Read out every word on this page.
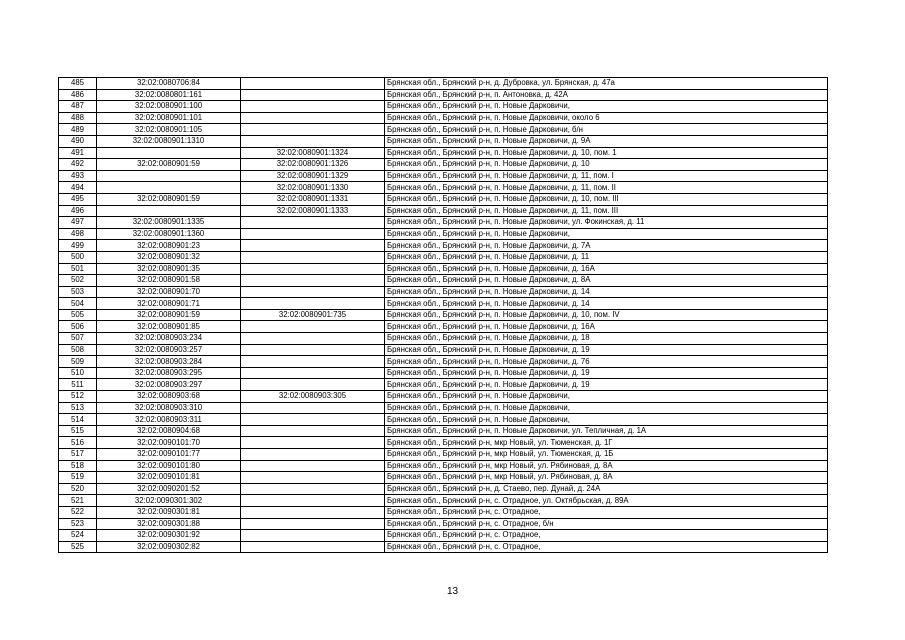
485	32:02:0080706:84		Брянская обл., Брянский р-н, д. Дубровка, ул. Брянская, д. 47а
486	32:02:0080801:161		Брянская обл., Брянский р-н, п. Антоновка, д. 42А
487	32:02:0080901:100		Брянская обл., Брянский р-н, п. Новые Дарковичи,
488	32:02:0080901:101		Брянская обл., Брянский р-н, п. Новые Дарковичи, около 6
489	32:02:0080901:105		Брянская обл., Брянский р-н, п. Новые Дарковичи, б/н
490	32:02:0080901:1310		Брянская обл., Брянский р-н, п. Новые Дарковичи, д. 9А
491		32:02:0080901:1324	Брянская обл., Брянский р-н, п. Новые Дарковичи, д. 10, пом. 1
492	32:02:0080901:59	32:02:0080901:1326	Брянская обл., Брянский р-н, п. Новые Дарковичи, д. 10
493		32:02:0080901:1329	Брянская обл., Брянский р-н, п. Новые Дарковичи, д. 11, пом. I
494		32:02:0080901:1330	Брянская обл., Брянский р-н, п. Новые Дарковичи, д. 11, пом. II
495	32:02:0080901:59	32:02:0080901:1331	Брянская обл., Брянский р-н, п. Новые Дарковичи, д. 10, пом. III
496		32:02:0080901:1333	Брянская обл., Брянский р-н, п. Новые Дарковичи, д. 11, пом. III
497	32:02:0080901:1335		Брянская обл., Брянский р-н, п. Новые Дарковичи, ул. Фокинская, д. 11
498	32:02:0080901:1360		Брянская обл., Брянский р-н, п. Новые Дарковичи,
499	32:02:0080901:23		Брянская обл., Брянский р-н, п. Новые Дарковичи, д. 7А
500	32:02:0080901:32		Брянская обл., Брянский р-н, п. Новые Дарковичи, д. 11
501	32:02:0080901:35		Брянская обл., Брянский р-н, п. Новые Дарковичи, д. 16А
502	32:02:0080901:58		Брянская обл., Брянский р-н, п. Новые Дарковичи, д. 8А
503	32:02:0080901:70		Брянская обл., Брянский р-н, п. Новые Дарковичи, д. 14
504	32:02:0080901:71		Брянская обл., Брянский р-н, п. Новые Дарковичи, д. 14
505	32:02:0080901:59	32:02:0080901:735	Брянская обл., Брянский р-н, п. Новые Дарковичи, д. 10, пом. IV
506	32:02:0080901:85		Брянская обл., Брянский р-н, п. Новые Дарковичи, д. 16А
507	32:02:0080903:234		Брянская обл., Брянский р-н, п. Новые Дарковичи, д. 18
508	32:02:0080903:257		Брянская обл., Брянский р-н, п. Новые Дарковичи, д. 19
509	32:02:0080903:284		Брянская обл., Брянский р-н, п. Новые Дарковичи, д. 76
510	32:02:0080903:295		Брянская обл., Брянский р-н, п. Новые Дарковичи, д. 19
511	32:02:0080903:297		Брянская обл., Брянский р-н, п. Новые Дарковичи, д. 19
512	32:02:0080903:68	32:02:0080903:305	Брянская обл., Брянский р-н, п. Новые Дарковичи,
513	32:02:0080903:310		Брянская обл., Брянский р-н, п. Новые Дарковичи,
514	32:02:0080903:311		Брянская обл., Брянский р-н, п. Новые Дарковичи,
515	32:02:0080904:68		Брянская обл., Брянский р-н, п. Новые Дарковичи, ул. Тепличная, д. 1А
516	32:02:0090101:70		Брянская обл., Брянский р-н, мкр Новый, ул. Тюменская, д. 1Г
517	32:02:0090101:77		Брянская обл., Брянский р-н, мкр Новый, ул. Тюменская, д. 1Б
518	32:02:0090101:80		Брянская обл., Брянский р-н, мкр Новый, ул. Рябиновая, д. 8А
519	32:02:0090101:81		Брянская обл., Брянский р-н, мкр Новый, ул. Рябиновая, д. 8А
520	32:02:0090201:52		Брянская обл., Брянский р-н, д. Стаево, пер. Дунай, д. 24А
521	32:02:0090301:302		Брянская обл., Брянский р-н, с. Отрадное, ул. Октябрьская, д. 89А
522	32:02:0090301:81		Брянская обл., Брянский р-н, с. Отрадное,
523	32:02:0090301:88		Брянская обл., Брянский р-н, с. Отрадное, б/н
524	32:02:0090301:92		Брянская обл., Брянский р-н, с. Отрадное,
525	32:02:0090302:82		Брянская обл., Брянский р-н, с. Отрадное,
13
